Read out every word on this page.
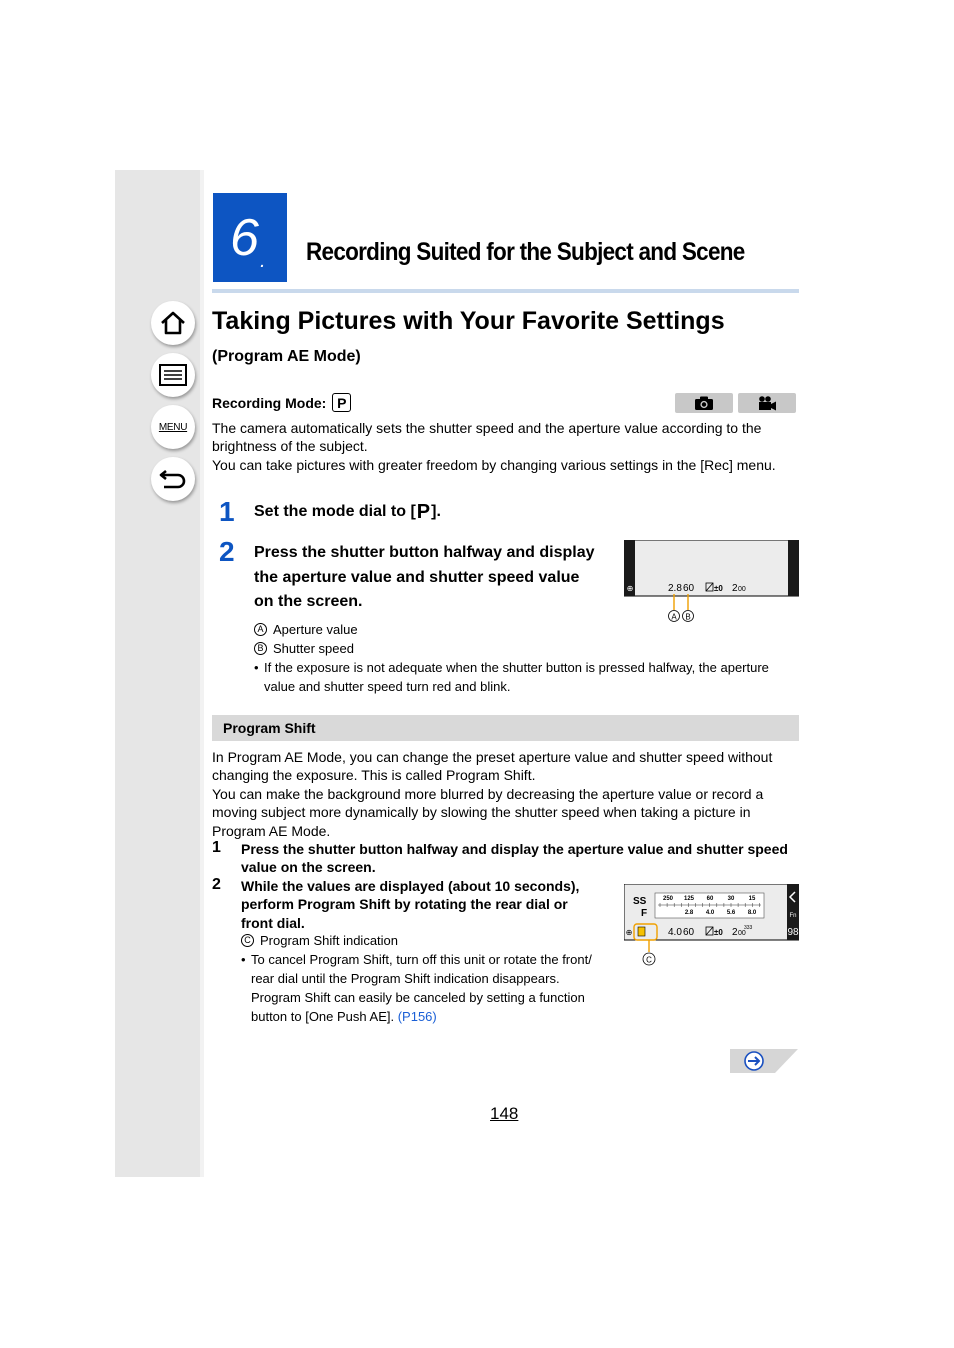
MENU
6 . Recording Suited for the Subject and Scene
Taking Pictures with Your Favorite Settings
(Program AE Mode)
Recording Mode: P
The camera automatically sets the shutter speed and the aperture value according to the brightness of the subject.
You can take pictures with greater freedom by changing various settings in the [Rec] menu.
1 Set the mode dial to [P].
2 Press the shutter button halfway and display
the aperture value and shutter speed value
on the screen.
⊕	2.8 60 ±0 2 00
A B
A Aperture value
B Shutter speed
• If the exposure is not adequate when the shutter button is pressed halfway, the aperture
value and shutter speed turn red and blink.
Program Shift
In Program AE Mode, you can change the preset aperture value and shutter speed without changing the exposure. This is called Program Shift.
You can make the background more blurred by decreasing the aperture value or record a moving subject more dynamically by slowing the shutter speed when taking a picture in Program AE Mode.
1 Press the shutter button halfway and display the aperture value and shutter speed value on the screen.
2 While the values are displayed (about 10 seconds),
perform Program Shift by rotating the rear dial or
front dial.
C Program Shift indication
• To cancel Program Shift, turn off this unit or rotate the front/
rear dial until the Program Shift indication disappears.
Program Shift can easily be canceled by setting a function
button to [One Push AE]. (P156)
Fn
SS
F
250 125 60 30 15
2.8 4.0 5.6 8.0
⊕	4.0 60 ±0 2 00
333	98
C
148
